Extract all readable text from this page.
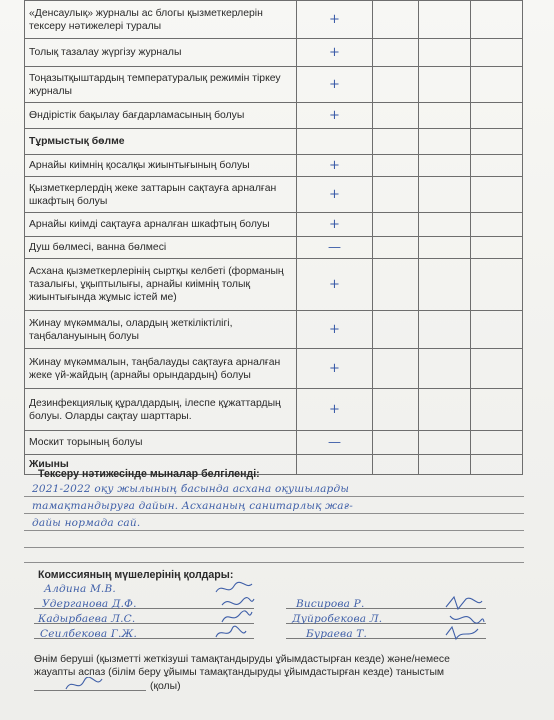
«Денсаулық» журналы ас блогы қызметкерлерін тексеру нәтижелері туралы	+			
Толық тазалау жүргізу журналы	+			
Тоңазытқыштардың температуралық режимін тіркеу журналы	+			
Өндірістік бақылау бағдарламасының болуы	+			
Тұрмыстық бөлме				
Арнайы киімнің қосалқы жиынтығының болуы	+			
Қызметкерлердің жеке заттарын сақтауға арналған шкафтың болуы	+			
Арнайы киімді сақтауға арналған шкафтың болуы	+			
Душ бөлмесі, ванна бөлмесі	—			
Асхана қызметкерлерінің сыртқы келбеті (форманың тазалығы, ұқыптылығы, арнайы киімнің толық жиынтығында жұмыс істей ме)	+			
Жинау мүкәммалы, олардың жеткіліктілігі, таңбалануының болуы	+			
Жинау мүкәммалын, таңбалауды сақтауға арналған жеке үй-жайдың (арнайы орындардың) болуы	+			
Дезинфекциялық құралдардың, ілеспе құжаттардың болуы. Оларды сақтау шарттары.	+			
Москит торының болуы	—			
Жиыны				
Тексеру нәтижесінде мыналар белгіленді:
2021-2022 оқу жылының басында асхана оқушыларды
тамақтандыруға дайын. Асхананың санитарлық жағ-
дайы нормада сай.
Комиссияның мүшелерінің қолдары:
Алдина М.В.
Удерганова Д.Ф.	Висирова Р.
Кадырбаева Л.С.	Дуйробекова Л.
Сеилбекова Г.Ж.	Бураева Т.
Өнім беруші (қызметті жеткізуші тамақтандыруды ұйымдастырған кезде) және/немесе
жауапты аспаз (білім беру ұйымы тамақтандыруды ұйымдастырған кезде) таныстым
(қолы)
